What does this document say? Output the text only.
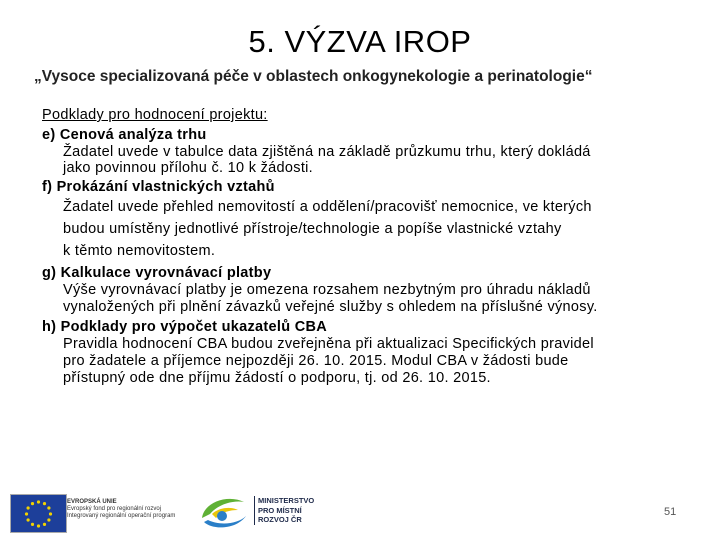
5. VÝZVA IROP
„Vysoce specializovaná péče v oblastech onkogynekologie a perinatologie“
Podklady pro hodnocení projektu:
e) Cenová analýza trhu
Žadatel uvede v tabulce data zjištěná na základě průzkumu trhu, který dokládá
jako povinnou přílohu č. 10 k žádosti.
f) Prokázání vlastnických vztahů
Žadatel uvede přehled nemovitostí a oddělení/pracovišť nemocnice, ve kterých
budou umístěny jednotlivé přístroje/technologie a popíše vlastnické vztahy
k těmto nemovitostem.
g) Kalkulace vyrovnávací platby
Výše vyrovnávací platby je omezena rozsahem nezbytným pro úhradu nákladů
vynaložených při plnění závazků veřejné služby s ohledem na příslušné výnosy.
h) Podklady pro výpočet ukazatelů CBA
Pravidla hodnocení CBA budou zveřejněna při aktualizaci Specifických pravidel
pro žadatele a příjemce nejpozději 26. 10. 2015. Modul CBA v žádosti bude
přístupný ode dne příjmu žádostí o podporu, tj. od 26. 10. 2015.
EVROPSKÁ UNIE
Evropský fond pro regionální rozvoj
Integrovaný regionální operační program
MINISTERSTVO
PRO MÍSTNÍ
ROZVOJ ČR
51
